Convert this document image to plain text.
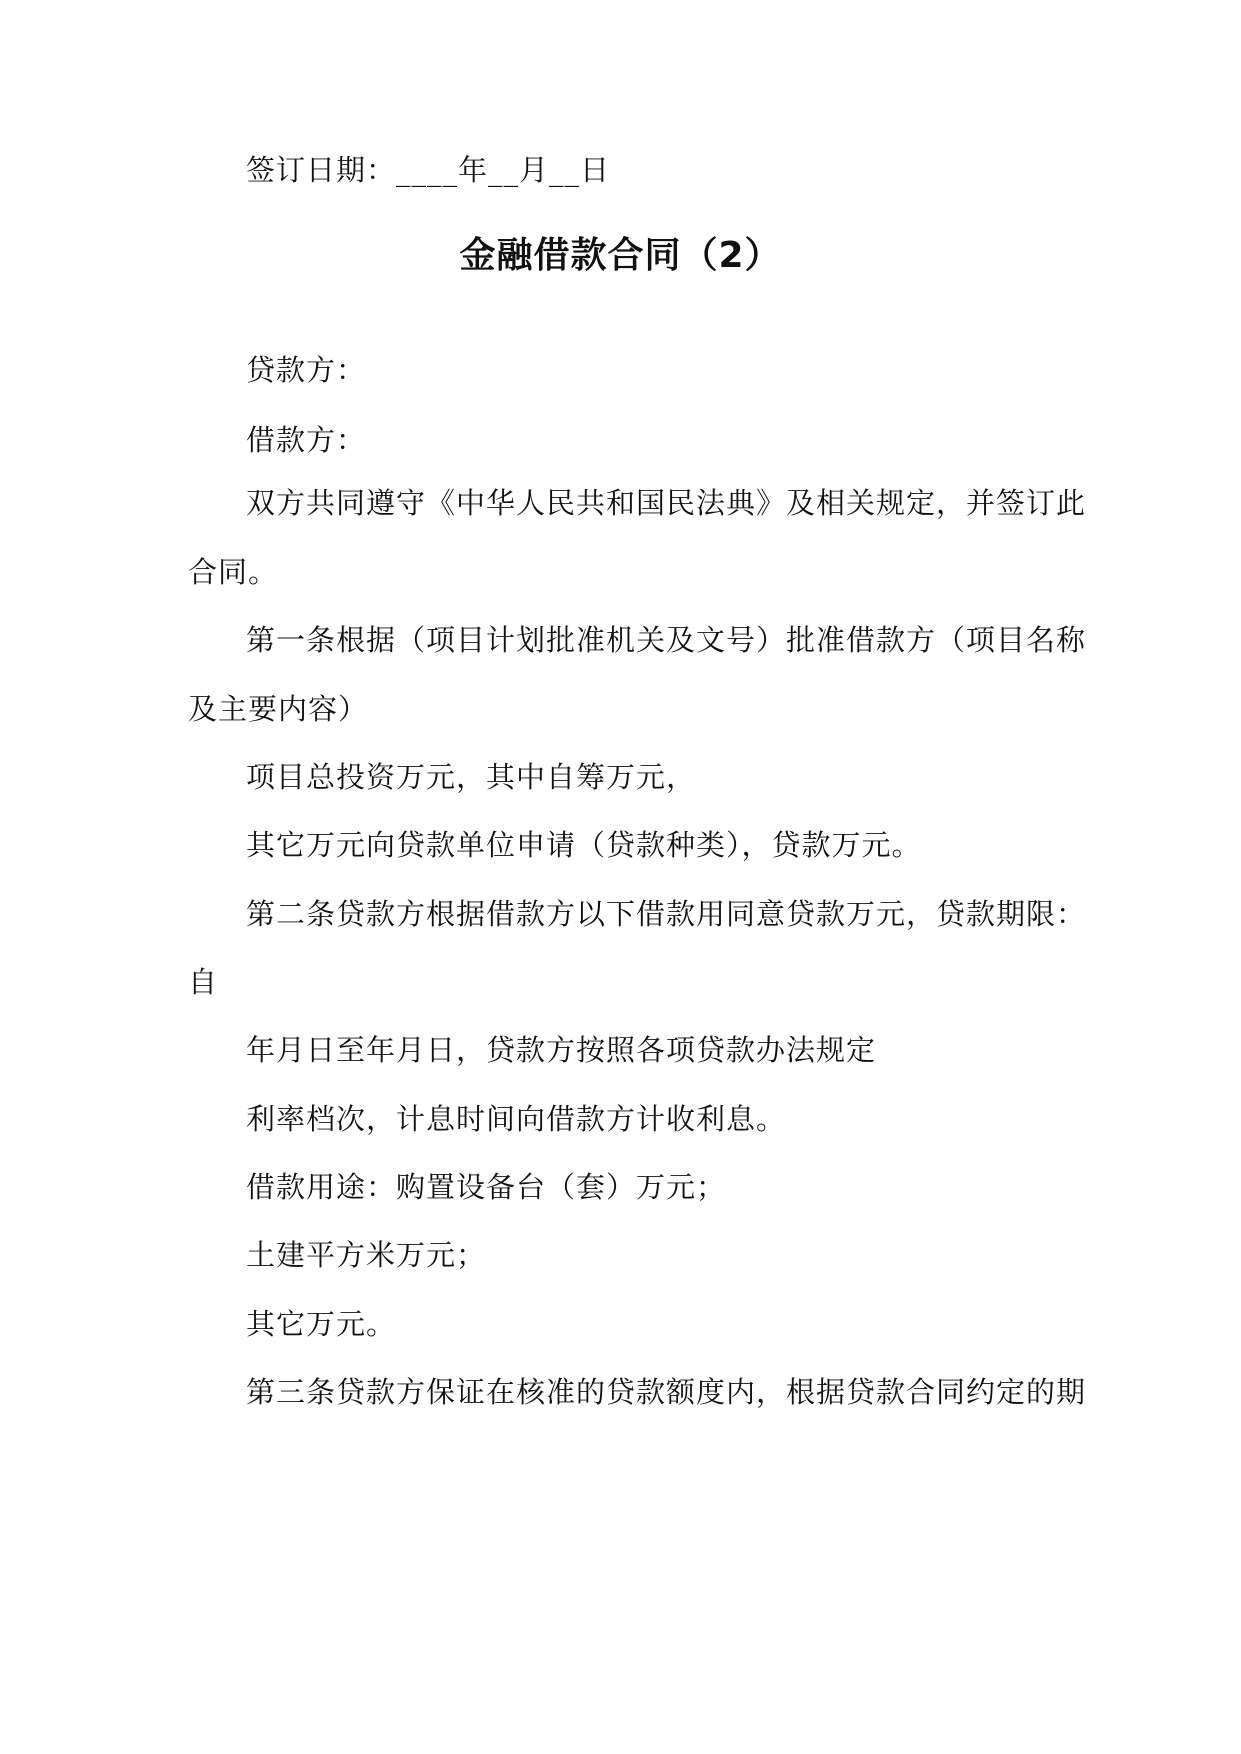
签订日期：____年__月__日
金融借款合同（2）
贷款方：
借款方：
双方共同遵守《中华人民共和国民法典》及相关规定，并签订此
合同。
第一条根据（项目计划批准机关及文号）批准借款方（项目名称
及主要内容）
项目总投资万元，其中自筹万元，
其它万元向贷款单位申请（贷款种类），贷款万元。
第二条贷款方根据借款方以下借款用同意贷款万元，贷款期限：
自
年月日至年月日，贷款方按照各项贷款办法规定
利率档次，计息时间向借款方计收利息。
借款用途：购置设备台（套）万元；
土建平方米万元；
其它万元。
第三条贷款方保证在核准的贷款额度内，根据贷款合同约定的期
